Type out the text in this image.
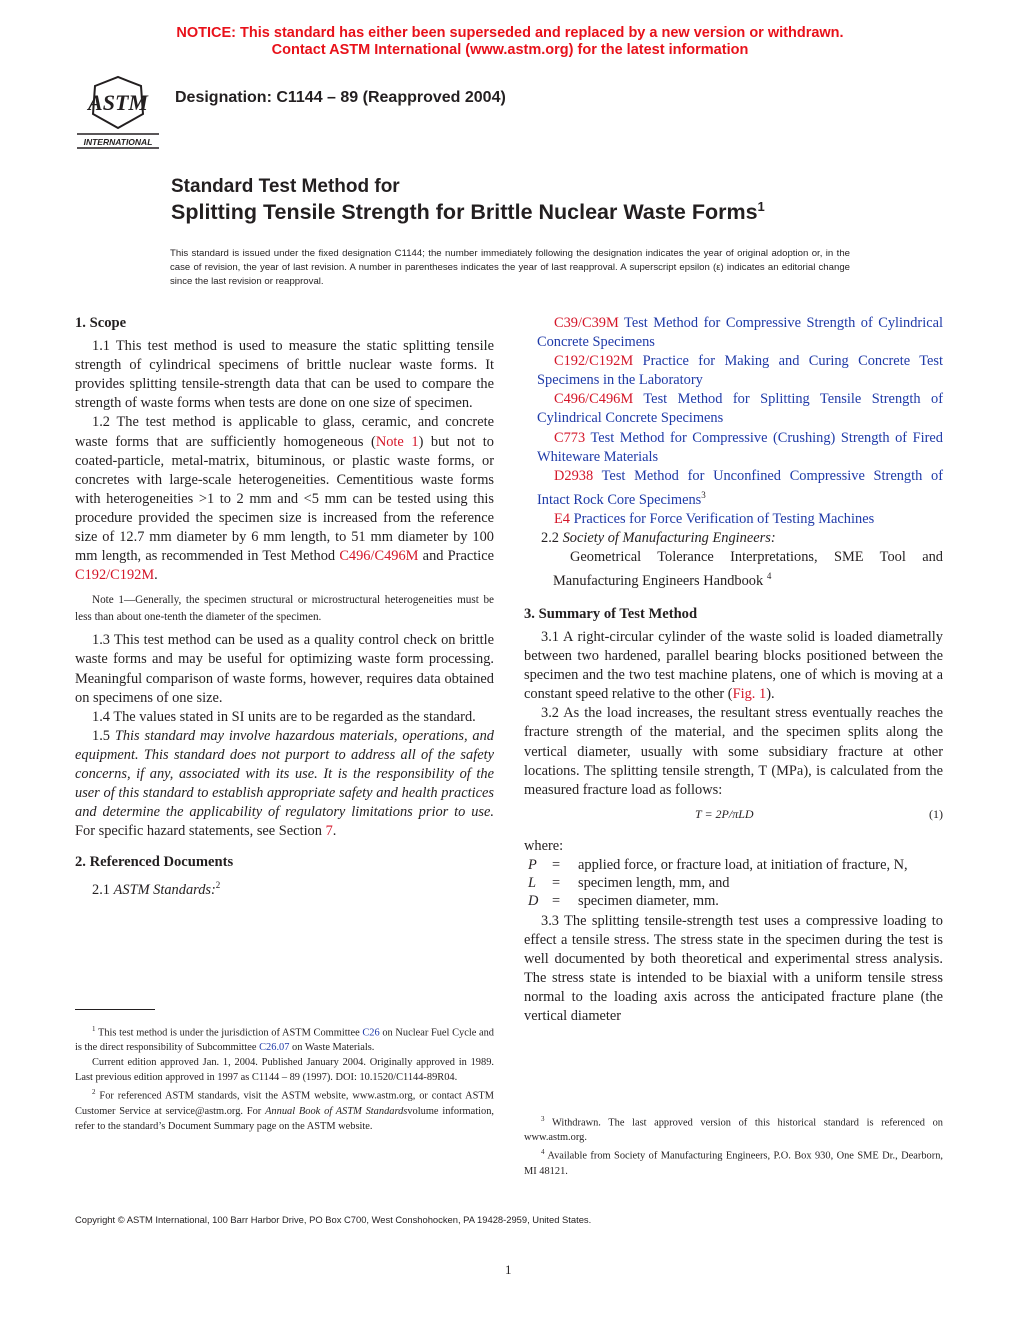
NOTICE: This standard has either been superseded and replaced by a new version or withdrawn.
Contact ASTM International (www.astm.org) for the latest information
ASTM
INTERNATIONAL
Designation: C1144 – 89 (Reapproved 2004)
Standard Test Method for
Splitting Tensile Strength for Brittle Nuclear Waste Forms$^1$
This standard is issued under the fixed designation C1144; the number immediately following the designation indicates the year of original adoption or, in the case of revision, the year of last revision. A number in parentheses indicates the year of last reapproval. A superscript epsilon (ε) indicates an editorial change since the last revision or reapproval.

1. Scope

1.1 This test method is used to measure the static splitting tensile strength of cylindrical specimens of brittle nuclear waste forms. It provides splitting tensile-strength data that can be used to compare the strength of waste forms when tests are done on one size of specimen.

1.2 The test method is applicable to glass, ceramic, and concrete waste forms that are sufficiently homogeneous (Note 1) but not to coated-particle, metal-matrix, bituminous, or plastic waste forms, or concretes with large-scale heterogeneities. Cementitious waste forms with heterogeneities >1 to 2 mm and <5 mm can be tested using this procedure provided the specimen size is increased from the reference size of 12.7 mm diameter by 6 mm length, to 51 mm diameter by 100 mm length, as recommended in Test Method C496/C496M and Practice C192/C192M.

Note 1—Generally, the specimen structural or microstructural heterogeneities must be less than about one-tenth the diameter of the specimen.

1.3 This test method can be used as a quality control check on brittle waste forms and may be useful for optimizing waste form processing. Meaningful comparison of waste forms, however, requires data obtained on specimens of one size.

1.4 The values stated in SI units are to be regarded as the standard.

1.5 This standard may involve hazardous materials, operations, and equipment. This standard does not purport to address all of the safety concerns, if any, associated with its use. It is the responsibility of the user of this standard to establish appropriate safety and health practices and determine the applicability of regulatory limitations prior to use. For specific hazard statements, see Section 7.

2. Referenced Documents

2.1 ASTM Standards:$^2$

$^1$ This test method is under the jurisdiction of ASTM Committee C26 on Nuclear Fuel Cycle and is the direct responsibility of Subcommittee C26.07 on Waste Materials.

Current edition approved Jan. 1, 2004. Published January 2004. Originally approved in 1989. Last previous edition approved in 1997 as C1144 – 89 (1997). DOI: 10.1520/C1144-89R04.

$^2$ For referenced ASTM standards, visit the ASTM website, www.astm.org, or contact ASTM Customer Service at service@astm.org. For Annual Book of ASTM Standardsvolume information, refer to the standard’s Document Summary page on the ASTM website.

C39/C39M Test Method for Compressive Strength of Cylindrical Concrete Specimens

C192/C192M Practice for Making and Curing Concrete Test Specimens in the Laboratory

C496/C496M Test Method for Splitting Tensile Strength of Cylindrical Concrete Specimens

C773 Test Method for Compressive (Crushing) Strength of Fired Whiteware Materials

D2938 Test Method for Unconfined Compressive Strength of Intact Rock Core Specimens$^3$

E4 Practices for Force Verification of Testing Machines

2.2 Society of Manufacturing Engineers:

Geometrical Tolerance Interpretations, SME Tool and Manufacturing Engineers Handbook $^4$

3. Summary of Test Method

3.1 A right-circular cylinder of the waste solid is loaded diametrally between two hardened, parallel bearing blocks positioned between the specimen and the two test machine platens, one of which is moving at a constant speed relative to the other (Fig. 1).

3.2 As the load increases, the resultant stress eventually reaches the fracture strength of the material, and the specimen splits along the vertical diameter, usually with some subsidiary fracture at other locations. The splitting tensile strength, T (MPa), is calculated from the measured fracture load as follows:

T = 2P/πLD	(1)

where:

P	=	applied force, or fracture load, at initiation of fracture, N,
L	=	specimen length, mm, and
D	=	specimen diameter, mm.

3.3 The splitting tensile-strength test uses a compressive loading to effect a tensile stress. The stress state in the specimen during the test is well documented by both theoretical and experimental stress analysis. The stress state is intended to be biaxial with a uniform tensile stress normal to the loading axis across the anticipated fracture plane (the vertical diameter

$^3$ Withdrawn. The last approved version of this historical standard is referenced on www.astm.org.

$^4$ Available from Society of Manufacturing Engineers, P.O. Box 930, One SME Dr., Dearborn, MI 48121.

Copyright © ASTM International, 100 Barr Harbor Drive, PO Box C700, West Conshohocken, PA 19428-2959, United States.
1
